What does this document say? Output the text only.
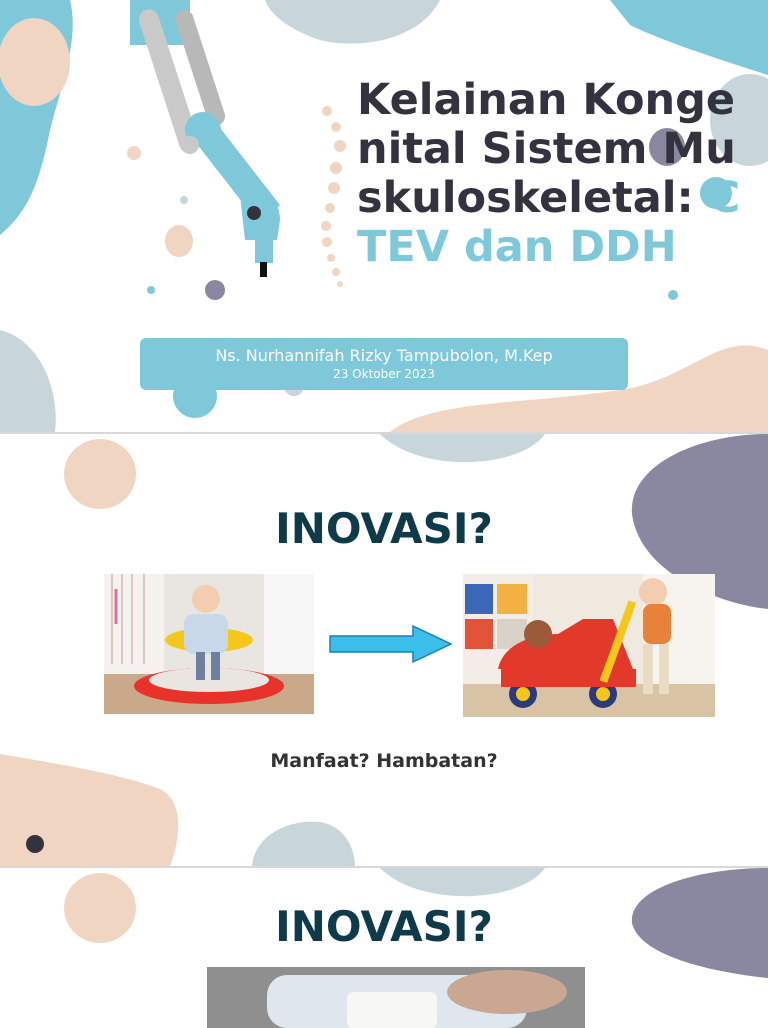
Kelainan Kongenital Sistem Muskuloskeletal: CTEV dan DDH
Ns. Nurhannifah Rizky Tampubolon, M.Kep
23 Oktober 2023
INOVASI?
Manfaat? Hambatan?
INOVASI?
